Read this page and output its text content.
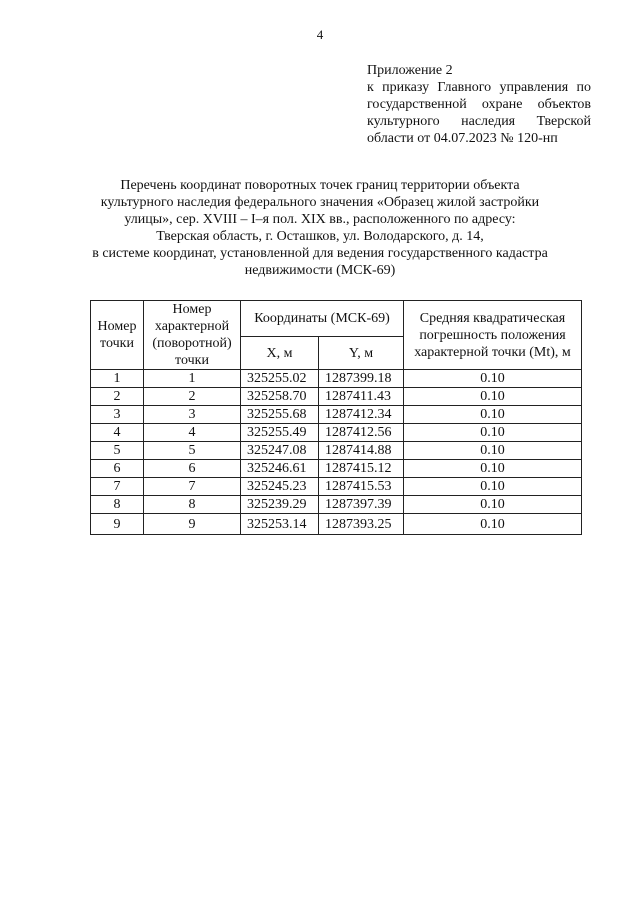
4
Приложение 2
к приказу Главного управления по
государственной охране объектов
культурного наследия Тверской
области от 04.07.2023 № 120-нп
Перечень координат поворотных точек границ территории объекта
культурного наследия федерального значения «Образец жилой застройки
улицы», сер. XVIII – I–я пол. XIX вв., расположенного по адресу:
Тверская область, г. Осташков, ул. Володарского, д. 14,
в системе координат, установленной для ведения государственного кадастра
недвижимости (МСК-69)
Номер точки	Номер характерной (поворотной) точки	Координаты (МСК-69)		Средняя квадратическая погрешность положения характерной точки (Mt), м
		X, м	Y, м	
1	1	325255.02	1287399.18	0.10
2	2	325258.70	1287411.43	0.10
3	3	325255.68	1287412.34	0.10
4	4	325255.49	1287412.56	0.10
5	5	325247.08	1287414.88	0.10
6	6	325246.61	1287415.12	0.10
7	7	325245.23	1287415.53	0.10
8	8	325239.29	1287397.39	0.10
9	9	325253.14	1287393.25	0.10
